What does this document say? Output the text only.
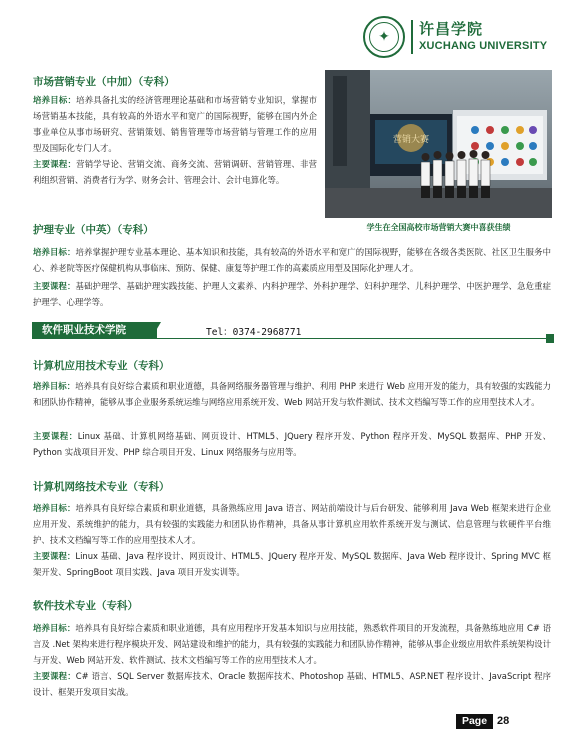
✦	许昌学院
XUCHANG UNIVERSITY
市场营销专业（中加）（专科）
培养目标：培养具备扎实的经济管理理论基础和市场营销专业知识，掌握市场营销基本技能，具有较高的外语水平和宽广的国际视野，能够在国内外企事业单位从事市场研究、营销策划、销售管理等市场营销与管理工作的应用型及国际化专门人才。
主要课程：营销学导论、营销交流、商务交流、营销调研、营销管理、非营利组织营销、消费者行为学、财务会计、管理会计、会计电算化等。
营销大赛
学生在全国高校市场营销大赛中喜获佳绩
护理专业（中英）（专科）
培养目标：培养掌握护理专业基本理论、基本知识和技能，具有较高的外语水平和宽广的国际视野，能够在各级各类医院、社区卫生服务中心、养老院等医疗保健机构从事临床、预防、保健、康复等护理工作的高素质应用型及国际化护理人才。
主要课程：基础护理学、基础护理实践技能、护理人文素养、内科护理学、外科护理学、妇科护理学、儿科护理学、中医护理学、急危重症护理学、心理学等。
软件职业技术学院	Tel：0374-2968771
计算机应用技术专业（专科）
培养目标：培养具有良好综合素质和职业道德，具备网络服务器管理与维护、利用 PHP 来进行 Web 应用开发的能力，具有较强的实践能力和团队协作精神，能够从事企业服务系统运维与网络应用系统开发、Web 网站开发与软件测试、技术文档编写等工作的应用型技术人才。
主要课程：Linux 基础、计算机网络基础、网页设计、HTML5、JQuery 程序开发、Python 程序开发、MySQL 数据库、PHP 开发、Python 实战项目开发、PHP 综合项目开发、Linux 网络服务与应用等。
计算机网络技术专业（专科）
培养目标：培养具有良好综合素质和职业道德，具备熟练应用 Java 语言、网站前端设计与后台研发、能够利用 Java Web 框架来进行企业应用开发、系统维护的能力，具有较强的实践能力和团队协作精神，具备从事计算机应用软件系统开发与测试、信息管理与软硬件平台维护、技术文档编写等工作的应用型技术人才。
主要课程：Linux 基础、Java 程序设计、网页设计、HTML5、JQuery 程序开发、MySQL 数据库、Java Web 程序设计、Spring MVC 框架开发、SpringBoot 项目实践、Java 项目开发实训等。
软件技术专业（专科）
培养目标：培养具有良好综合素质和职业道德，具有应用程序开发基本知识与应用技能，熟悉软件项目的开发流程，具备熟练地应用 C# 语言及 .Net 架构来进行程序模块开发、网站建设和维护的能力，具有较强的实践能力和团队协作精神，能够从事企业级应用软件系统架构设计与开发、Web 网站开发、软件测试、技术文档编写等工作的应用型技术人才。
主要课程：C# 语言、SQL Server 数据库技术、Oracle 数据库技术、Photoshop 基础、HTML5、ASP.NET 程序设计、JavaScript 程序设计、框架开发项目实战。
Page 28
